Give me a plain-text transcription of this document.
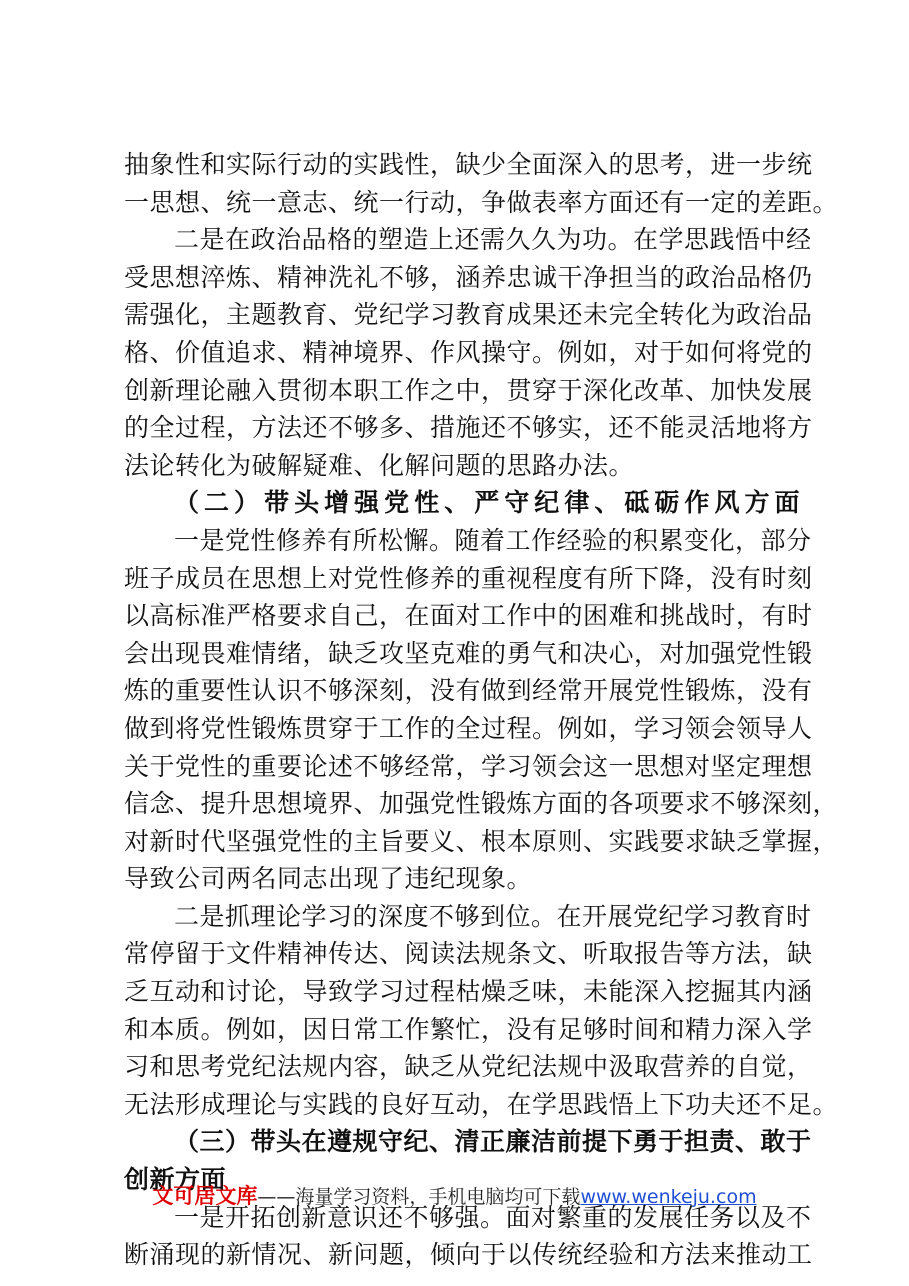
抽象性和实际行动的实践性，缺少全面深入的思考，进一步统
一思想、统一意志、统一行动，争做表率方面还有一定的差距。
二是在政治品格的塑造上还需久久为功。在学思践悟中经
受思想淬炼、精神洗礼不够，涵养忠诚干净担当的政治品格仍
需强化，主题教育、党纪学习教育成果还未完全转化为政治品
格、价值追求、精神境界、作风操守。例如，对于如何将党的
创新理论融入贯彻本职工作之中，贯穿于深化改革、加快发展
的全过程，方法还不够多、措施还不够实，还不能灵活地将方
法论转化为破解疑难、化解问题的思路办法。
（二）带头增强党性、严守纪律、砥砺作风方面
一是党性修养有所松懈。随着工作经验的积累变化，部分
班子成员在思想上对党性修养的重视程度有所下降，没有时刻
以高标准严格要求自己，在面对工作中的困难和挑战时，有时
会出现畏难情绪，缺乏攻坚克难的勇气和决心，对加强党性锻
炼的重要性认识不够深刻，没有做到经常开展党性锻炼，没有
做到将党性锻炼贯穿于工作的全过程。例如，学习领会领导人
关于党性的重要论述不够经常，学习领会这一思想对坚定理想
信念、提升思想境界、加强党性锻炼方面的各项要求不够深刻，
对新时代坚强党性的主旨要义、根本原则、实践要求缺乏掌握，
导致公司两名同志出现了违纪现象。
二是抓理论学习的深度不够到位。在开展党纪学习教育时
常停留于文件精神传达、阅读法规条文、听取报告等方法，缺
乏互动和讨论，导致学习过程枯燥乏味，未能深入挖掘其内涵
和本质。例如，因日常工作繁忙，没有足够时间和精力深入学
习和思考党纪法规内容，缺乏从党纪法规中汲取营养的自觉，
无法形成理论与实践的良好互动，在学思践悟上下功夫还不足。
（三）带头在遵规守纪、清正廉洁前提下勇于担责、敢于
创新方面
一是开拓创新意识还不够强。面对繁重的发展任务以及不
断涌现的新情况、新问题，倾向于以传统经验和方法来推动工
文可居文库——海量学习资料，手机电脑均可下载www.wenkeju.com
